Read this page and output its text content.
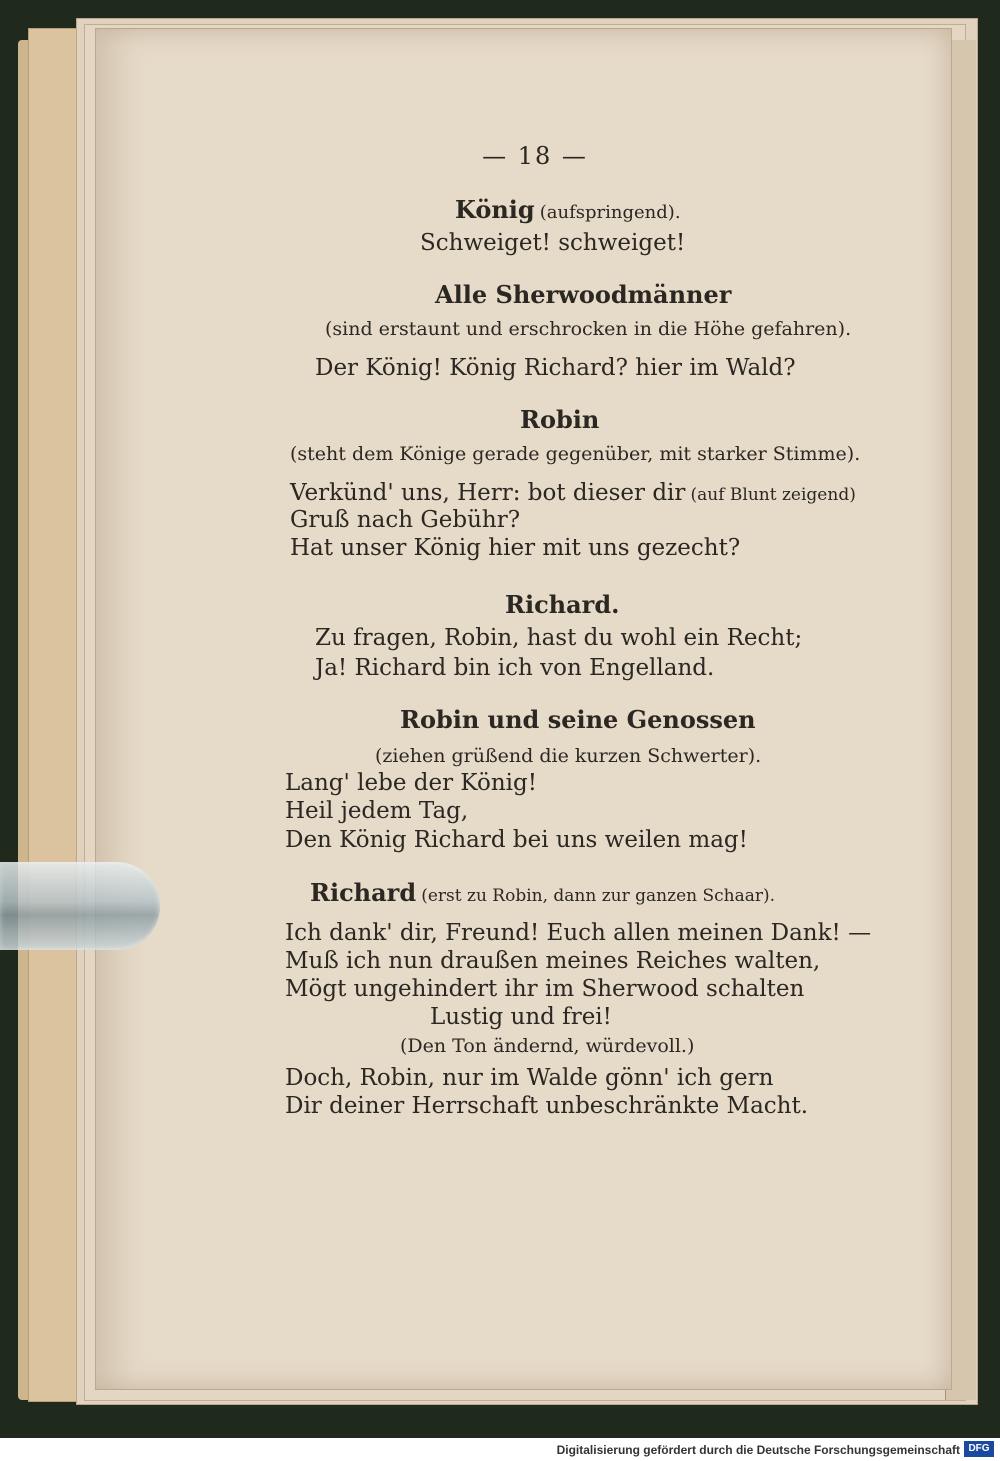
— 18 —
König (aufspringend).
Schweiget! schweiget!
Alle Sherwoodmänner
(sind erstaunt und erschrocken in die Höhe gefahren).
Der König! König Richard? hier im Wald?
Robin
(steht dem Könige gerade gegenüber, mit starker Stimme).
Verkünd' uns, Herr: bot dieser dir (auf Blunt zeigend)
Gruß nach Gebühr?
Hat unser König hier mit uns gezecht?
Richard.
Zu fragen, Robin, hast du wohl ein Recht;
Ja! Richard bin ich von Engelland.
Robin und seine Genossen
(ziehen grüßend die kurzen Schwerter).
Lang' lebe der König!
Heil jedem Tag,
Den König Richard bei uns weilen mag!
Richard (erst zu Robin, dann zur ganzen Schaar).
Ich dank' dir, Freund! Euch allen meinen Dank! —
Muß ich nun draußen meines Reiches walten,
Mögt ungehindert ihr im Sherwood schalten
Lustig und frei!
(Den Ton ändernd, würdevoll.)
Doch, Robin, nur im Walde gönn' ich gern
Dir deiner Herrschaft unbeschränkte Macht.
Digitalisierung gefördert durch die Deutsche Forschungsgemeinschaft DFG
